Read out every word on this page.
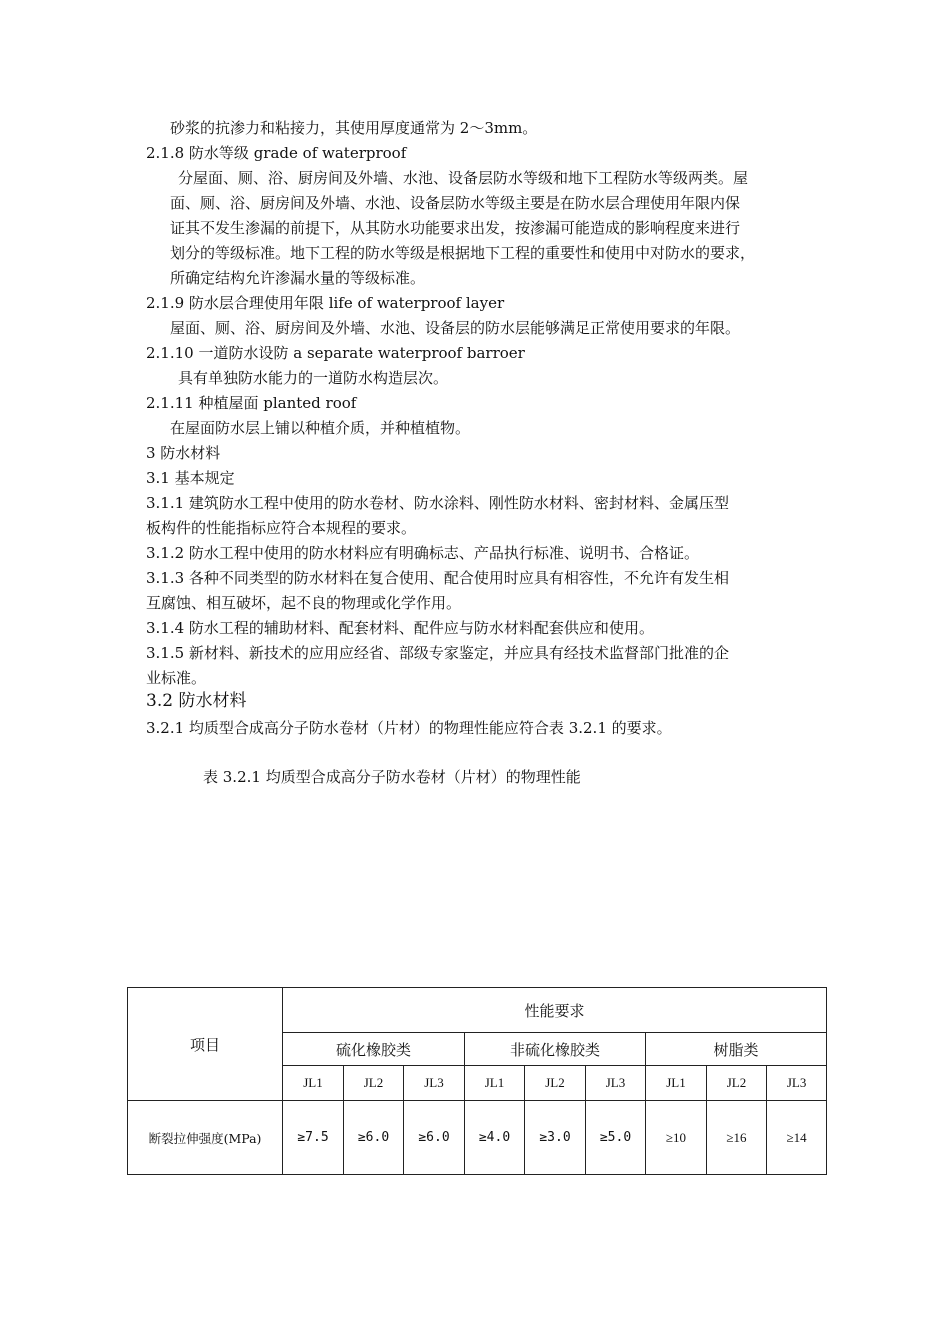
砂浆的抗渗力和粘接力，其使用厚度通常为 2～3mm。
2.1.8 防水等级 grade of waterproof
分屋面、厕、浴、厨房间及外墙、水池、设备层防水等级和地下工程防水等级两类。屋
面、厕、浴、厨房间及外墙、水池、设备层防水等级主要是在防水层合理使用年限内保
证其不发生渗漏的前提下，从其防水功能要求出发，按渗漏可能造成的影响程度来进行
划分的等级标准。地下工程的防水等级是根据地下工程的重要性和使用中对防水的要求，
所确定结构允许渗漏水量的等级标准。
2.1.9 防水层合理使用年限 life of waterproof layer
屋面、厕、浴、厨房间及外墙、水池、设备层的防水层能够满足正常使用要求的年限。
2.1.10 一道防水设防 a separate waterproof barroer
具有单独防水能力的一道防水构造层次。
2.1.11 种植屋面 planted roof
在屋面防水层上铺以种植介质，并种植植物。
3 防水材料
3.1 基本规定
3.1.1 建筑防水工程中使用的防水卷材、防水涂料、刚性防水材料、密封材料、金属压型
板构件的性能指标应符合本规程的要求。
3.1.2 防水工程中使用的防水材料应有明确标志、产品执行标准、说明书、合格证。
3.1.3 各种不同类型的防水材料在复合使用、配合使用时应具有相容性，不允许有发生相
互腐蚀、相互破坏，起不良的物理或化学作用。
3.1.4 防水工程的辅助材料、配套材料、配件应与防水材料配套供应和使用。
3.1.5 新材料、新技术的应用应经省、部级专家鉴定，并应具有经技术监督部门批准的企
业标准。
3.2 防水材料
3.2.1 均质型合成高分子防水卷材（片材）的物理性能应符合表 3.2.1 的要求。
表 3.2.1 均质型合成高分子防水卷材（片材）的物理性能
项目	性能要求								
	硫化橡胶类			非硫化橡胶类			树脂类		
	JL1	JL2	JL3	JL1	JL2	JL3	JL1	JL2	JL3
断裂拉伸强度(MPa)	≥7.5	≥6.0	≥6.0	≥4.0	≥3.0	≥5.0	≥10	≥16	≥14
